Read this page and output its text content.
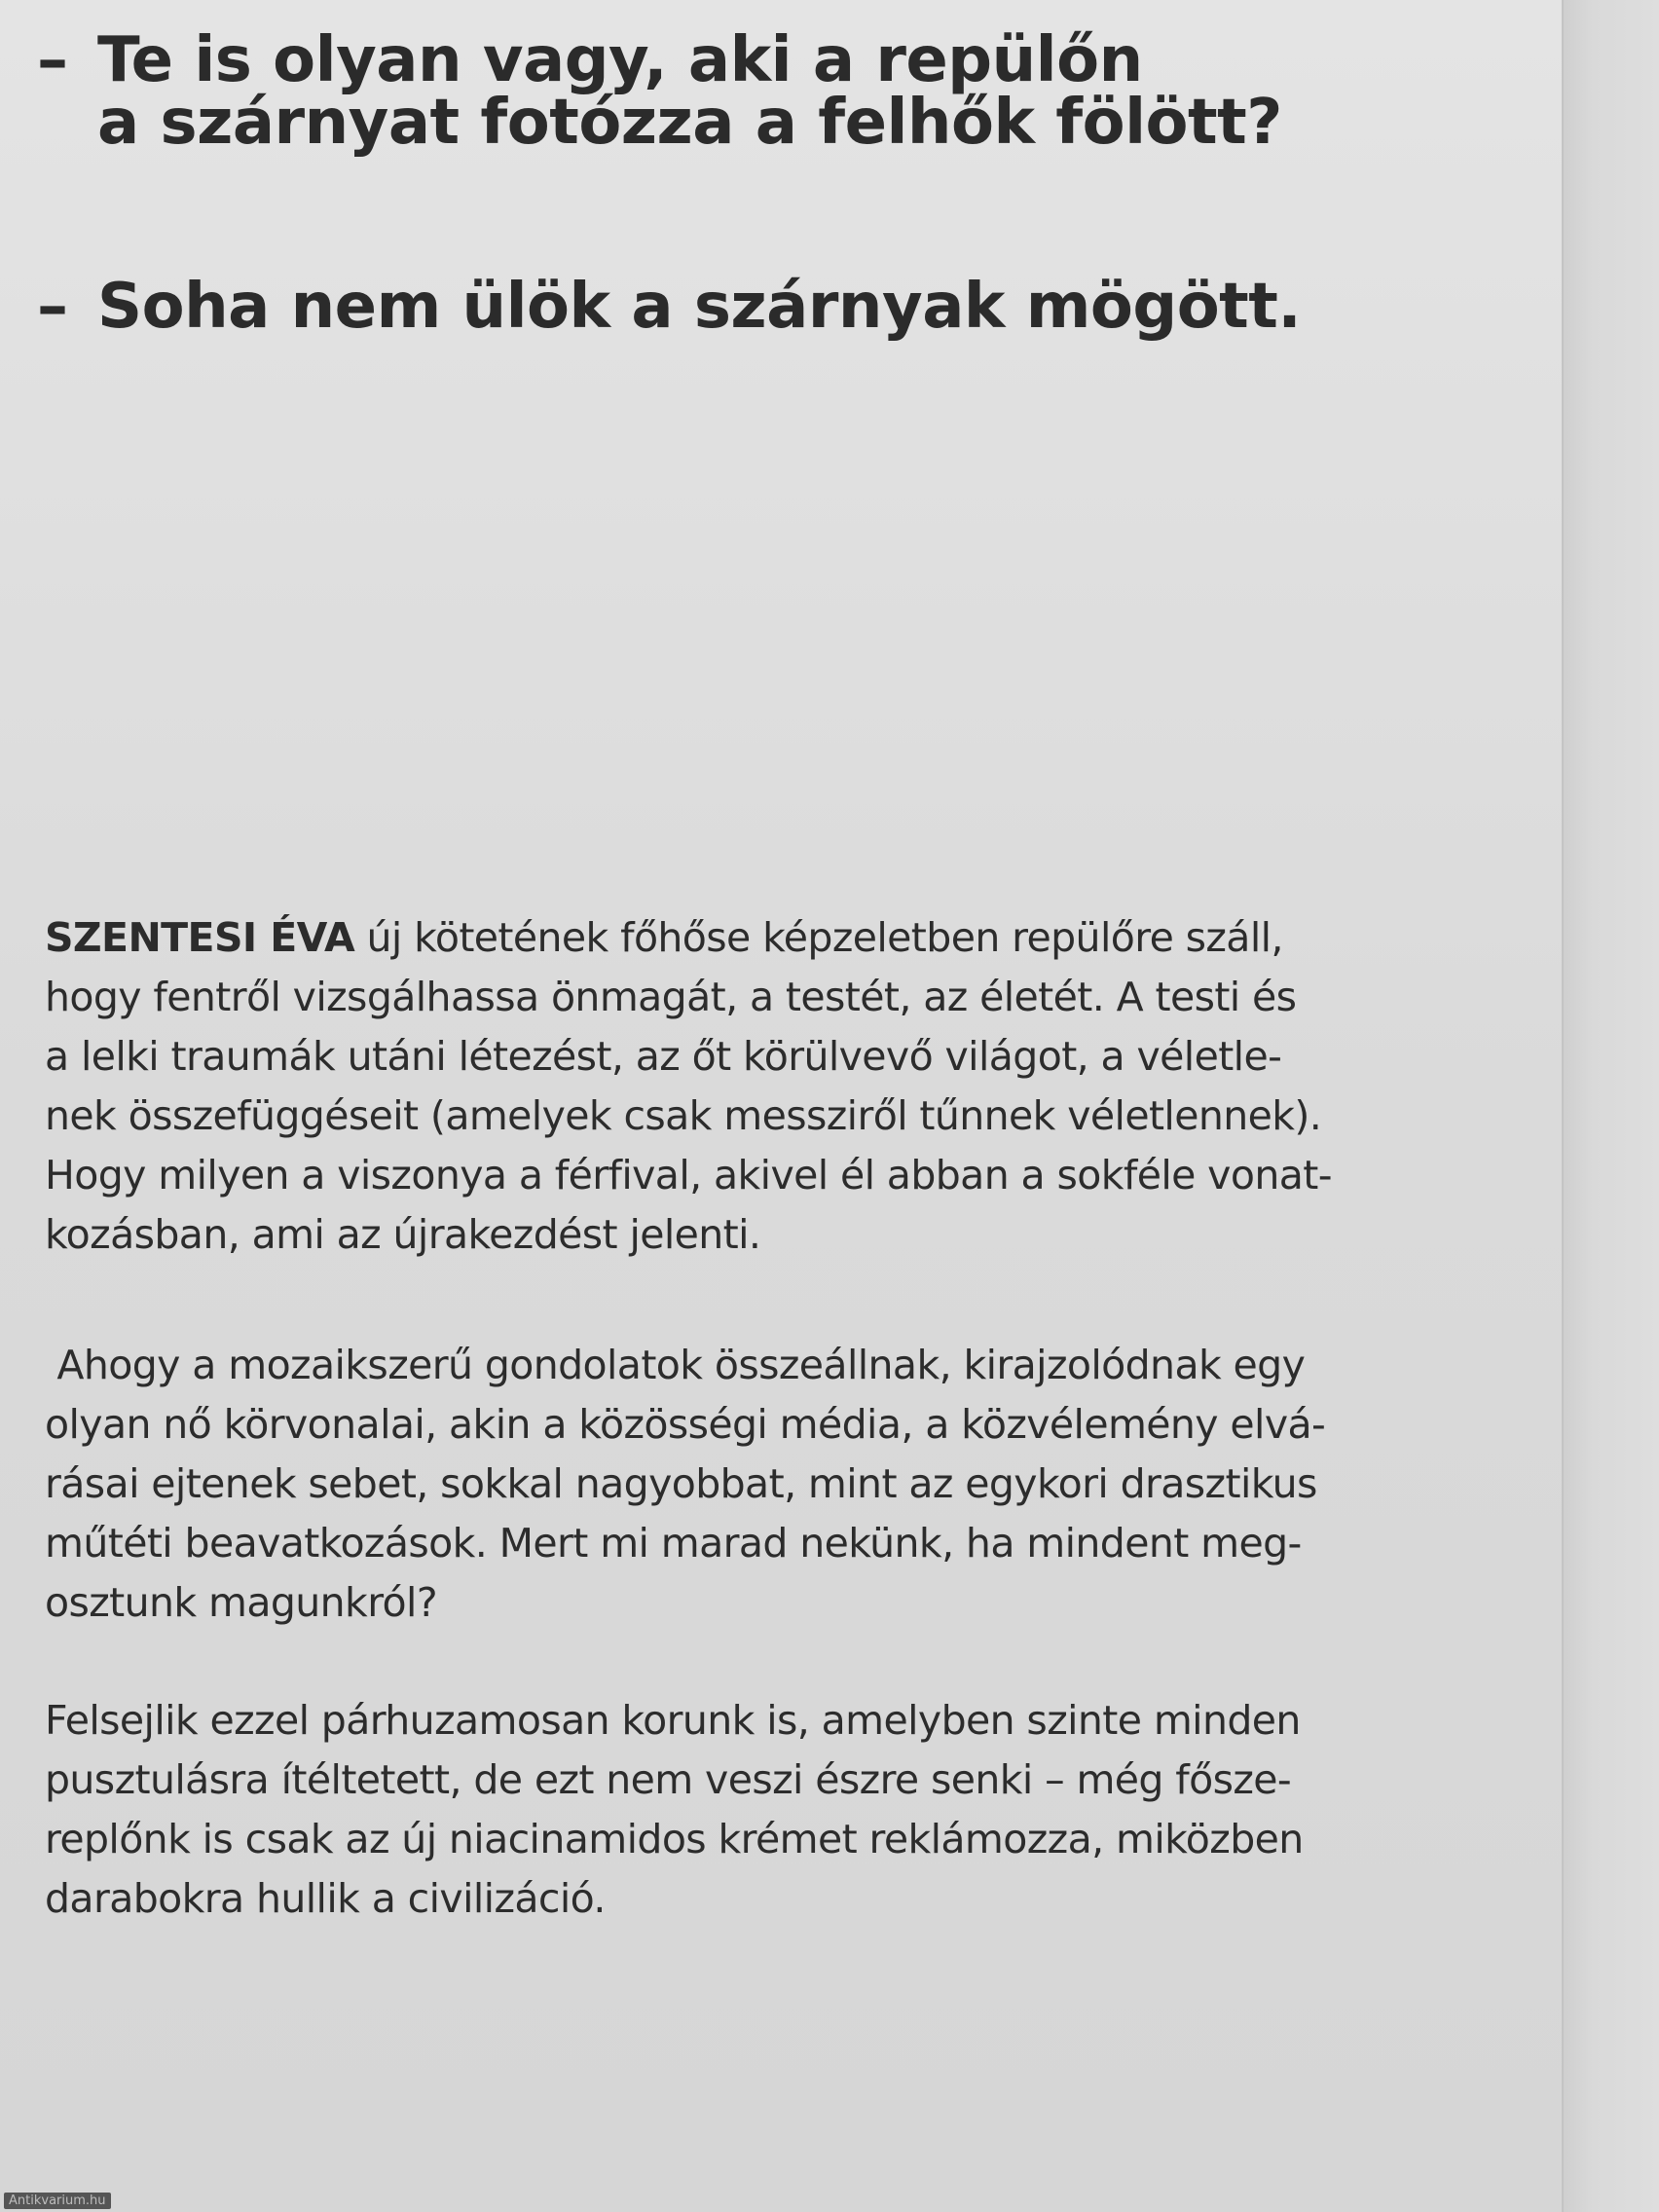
– Te is olyan vagy, aki a repülőn
a szárnyat fotózza a felhők fölött?

– Soha nem ülök a szárnyak mögött.

SZENTESI ÉVA új kötetének főhőse képzeletben repülőre száll,
hogy fentről vizsgálhassa önmagát, a testét, az életét. A testi és
a lelki traumák utáni létezést, az őt körülvevő világot, a véletle-
nek összefüggéseit (amelyek csak messziről tűnnek véletlennek).
Hogy milyen a viszonya a férfival, akivel él abban a sokféle vonat-
kozásban, ami az újrakezdést jelenti.

Ahogy a mozaikszerű gondolatok összeállnak, kirajzolódnak egy
olyan nő körvonalai, akin a közösségi média, a közvélemény elvá-
rásai ejtenek sebet, sokkal nagyobbat, mint az egykori drasztikus
műtéti beavatkozások. Mert mi marad nekünk, ha mindent meg-
osztunk magunkról?

Felsejlik ezzel párhuzamosan korunk is, amelyben szinte minden
pusztulásra ítéltetett, de ezt nem veszi észre senki – még főszе-
replőnk is csak az új niacinamidos krémet reklámozza, miközben
darabokra hullik a civilizáció.

Antikvarium.hu
